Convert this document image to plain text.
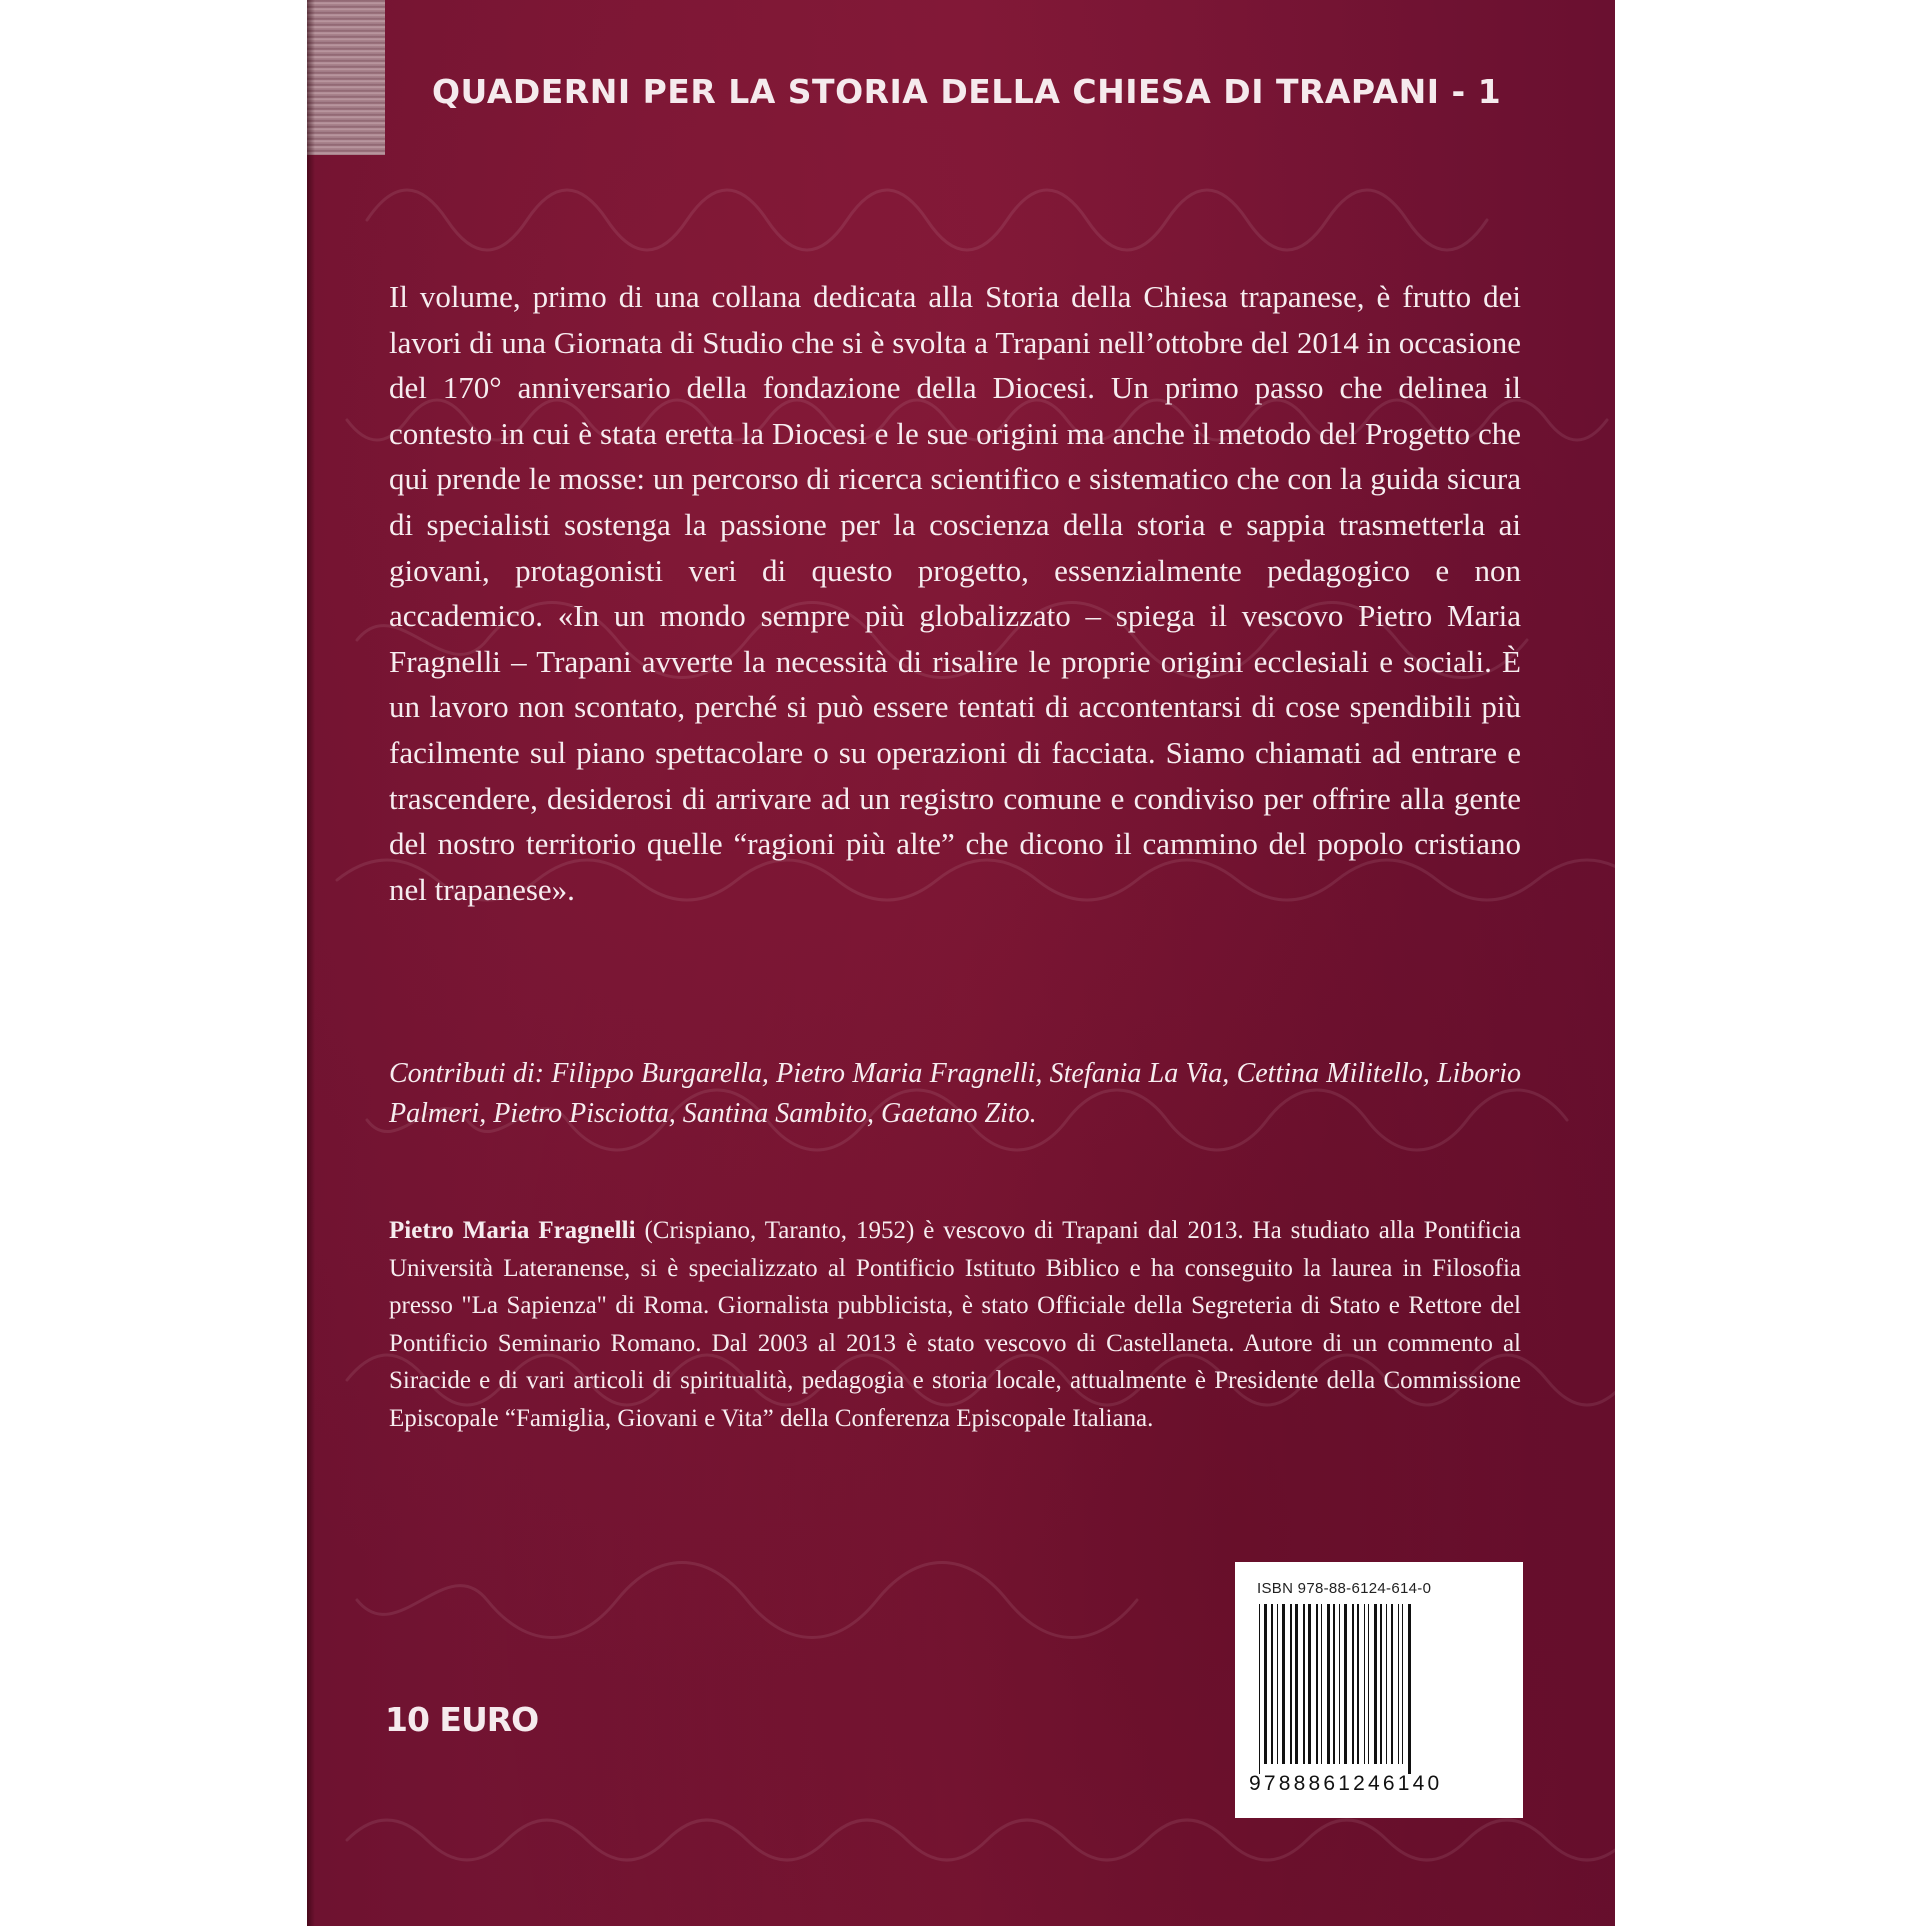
QUADERNI PER LA STORIA DELLA CHIESA DI TRAPANI - 1

Il volume, primo di una collana dedicata alla Storia della Chiesa trapanese, è frutto dei lavori di una Giornata di Studio che si è svolta a Trapani nell’ottobre del 2014 in occasione del 170° anniversario della fondazione della Diocesi. Un primo passo che delinea il contesto in cui è stata eretta la Diocesi e le sue origini ma anche il metodo del Progetto che qui prende le mosse: un percorso di ricerca scientifico e sistematico che con la guida sicura di specialisti sostenga la passione per la coscienza della storia e sappia trasmetterla ai giovani, protagonisti veri di questo progetto, essenzialmente pedagogico e non accademico. «In un mondo sempre più globalizzato – spiega il vescovo Pietro Maria Fragnelli – Trapani avverte la necessità di risalire le proprie origini ecclesiali e sociali. È un lavoro non scontato, perché si può essere tentati di accontentarsi di cose spendibili più facilmente sul piano spettacolare o su operazioni di facciata. Siamo chiamati ad entrare e trascendere, desiderosi di arrivare ad un registro comune e condiviso per offrire alla gente del nostro territorio quelle “ragioni più alte” che dicono il cammino del popolo cristiano nel trapanese».

Contributi di: Filippo Burgarella, Pietro Maria Fragnelli, Stefania La Via, Cettina Militello, Liborio Palmeri, Pietro Pisciotta, Santina Sambito, Gaetano Zito.

Pietro Maria Fragnelli (Crispiano, Taranto, 1952) è vescovo di Trapani dal 2013. Ha studiato alla Pontificia Università Lateranense, si è specializzato al Pontificio Istituto Biblico e ha conseguito la laurea in Filosofia presso "La Sapienza" di Roma. Giornalista pubblicista, è stato Officiale della Segreteria di Stato e Rettore del Pontificio Seminario Romano. Dal 2003 al 2013 è stato vescovo di Castellaneta. Autore di un commento al Siracide e di vari articoli di spiritualità, pedagogia e storia locale, attualmente è Presidente della Commissione Episcopale “Famiglia, Giovani e Vita” della Conferenza Episcopale Italiana.

10 EURO
ISBN 978-88-6124-614-0
9788861246140
